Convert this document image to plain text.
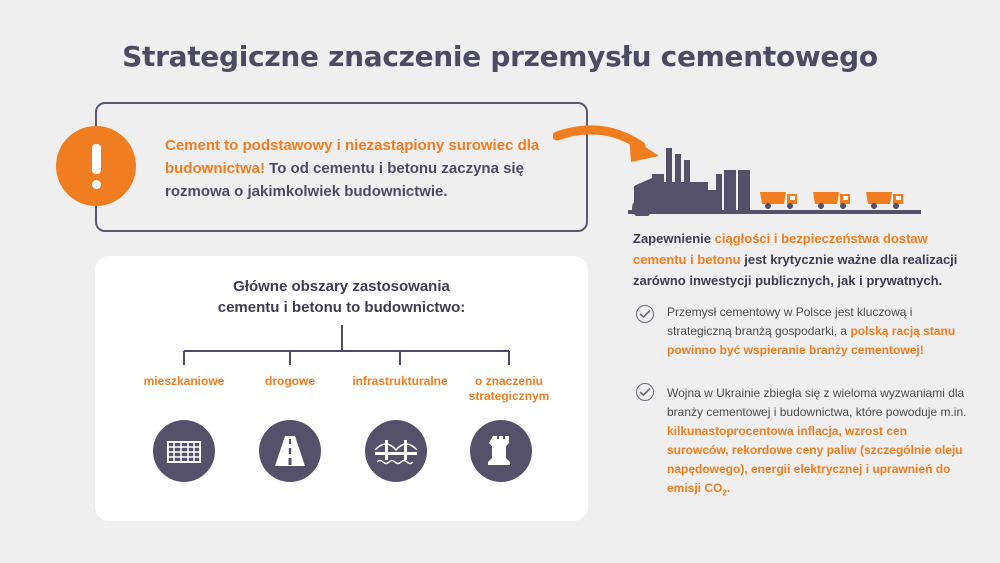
Strategiczne znaczenie przemysłu cementowego
Cement to podstawowy i niezastąpiony surowiec dla budownictwa! To od cementu i betonu zaczyna się rozmowa o jakimkolwiek budownictwie.
Główne obszary zastosowania
cementu i betonu to budownictwo:
mieszkaniowe	drogowe	infrastrukturalne	o znaczeniu
strategicznym
Zapewnienie ciągłości i bezpieczeństwa dostaw cementu i betonu jest krytycznie ważne dla realizacji zarówno inwestycji publicznych, jak i prywatnych.
Przemysł cementowy w Polsce jest kluczową i strategiczną branżą gospodarki, a polską racją stanu powinno być wspieranie branży cementowej!
Wojna w Ukrainie zbiegła się z wieloma wyzwaniami dla branży cementowej i budownictwa, które powoduje m.in. kilkunastoprocentowa inflacja, wzrost cen surowców, rekordowe ceny paliw (szczególnie oleju napędowego), energii elektrycznej i uprawnień do emisji $CO_2$.
